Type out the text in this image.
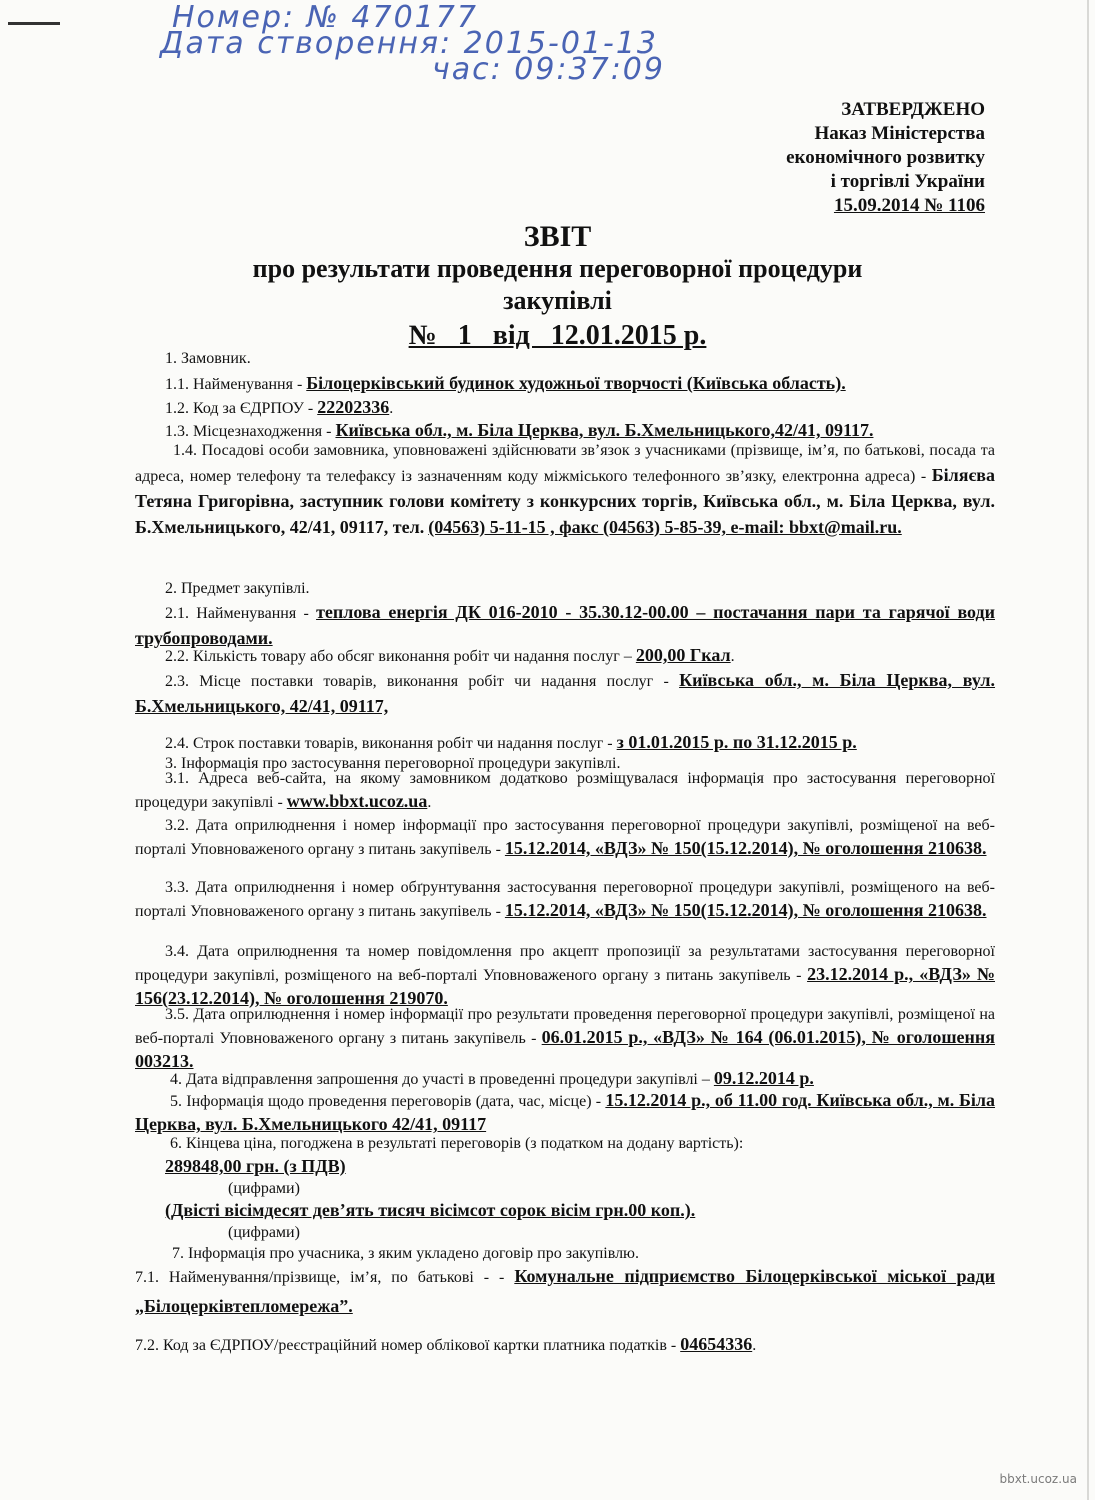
Номер: № 470177
Дата створення: 2015-01-13
час: 09:37:09
ЗАТВЕРДЖЕНО
Наказ Міністерства
економічного розвитку
і торгівлі України
15.09.2014 № 1106
ЗВІТ
про результати проведення переговорної процедури
закупівлі
№   1   від   12.01.2015 р.
1. Замовник.
1.1. Найменування - Білоцерківський будинок художньої творчості (Київська область).
1.2. Код за ЄДРПОУ - 22202336.
1.3. Місцезнаходження - Київська обл., м. Біла Церква, вул. Б.Хмельницького,42/41, 09117.
1.4. Посадові особи замовника, уповноважені здійснювати зв’язок з учасниками (прізвище, ім’я, по батькові, посада та адреса, номер телефону та телефаксу із зазначенням коду міжміського телефонного зв’язку, електронна адреса) - Біляєва Тетяна Григорівна, заступник голови комітету з конкурсних торгів, Київська обл., м. Біла Церква, вул. Б.Хмельницького, 42/41, 09117, тел. (04563) 5-11-15 , факс (04563) 5-85-39, e-mail: bbxt@mail.ru.
2. Предмет закупівлі.
2.1. Найменування - теплова енергія ДК 016-2010 - 35.30.12-00.00 – постачання пари та гарячої води трубопроводами.
2.2. Кількість товару або обсяг виконання робіт чи надання послуг – 200,00 Гкал.
2.3. Місце поставки товарів, виконання робіт чи надання послуг - Київська обл., м. Біла Церква, вул. Б.Хмельницького, 42/41, 09117,
2.4. Строк поставки товарів, виконання робіт чи надання послуг - з 01.01.2015 р. по 31.12.2015 р.
3. Інформація про застосування переговорної процедури закупівлі.
3.1. Адреса веб-сайта, на якому замовником додатково розміщувалася інформація про застосування переговорної процедури закупівлі - www.bbxt.ucoz.ua.
3.2. Дата оприлюднення і номер інформації про застосування переговорної процедури закупівлі, розміщеної на веб-порталі Уповноваженого органу з питань закупівель - 15.12.2014, «ВДЗ» № 150(15.12.2014), № оголошення 210638.
3.3. Дата оприлюднення і номер обґрунтування застосування переговорної процедури закупівлі, розміщеного на веб-порталі Уповноваженого органу з питань закупівель - 15.12.2014, «ВДЗ» № 150(15.12.2014), № оголошення 210638.
3.4. Дата оприлюднення та номер повідомлення про акцепт пропозиції за результатами застосування переговорної процедури закупівлі, розміщеного на веб-порталі Уповноваженого органу з питань закупівель - 23.12.2014 р., «ВДЗ» № 156(23.12.2014), № оголошення 219070.
3.5. Дата оприлюднення і номер інформації про результати проведення переговорної процедури закупівлі, розміщеної на веб-порталі Уповноваженого органу з питань закупівель - 06.01.2015 р., «ВДЗ» № 164 (06.01.2015), № оголошення 003213.
4. Дата відправлення запрошення до участі в проведенні процедури закупівлі – 09.12.2014 р.
5. Інформація щодо проведення переговорів (дата, час, місце) - 15.12.2014 р., об 11.00 год. Київська обл., м. Біла Церква, вул. Б.Хмельницького 42/41, 09117
6. Кінцева ціна, погоджена в результаті переговорів (з податком на додану вартість):
289848,00 грн. (з ПДВ)
(цифрами)
(Двісті вісімдесят дев’ять тисяч вісімсот сорок вісім грн.00 коп.).
(цифрами)
7. Інформація про учасника, з яким укладено договір про закупівлю.
7.1. Найменування/прізвище, ім’я, по батькові - - Комунальне підприємство Білоцерківської міської ради „Білоцерківтепломережа”.
7.2. Код за ЄДРПОУ/реєстраційний номер облікової картки платника податків - 04654336.
bbxt.ucoz.ua
